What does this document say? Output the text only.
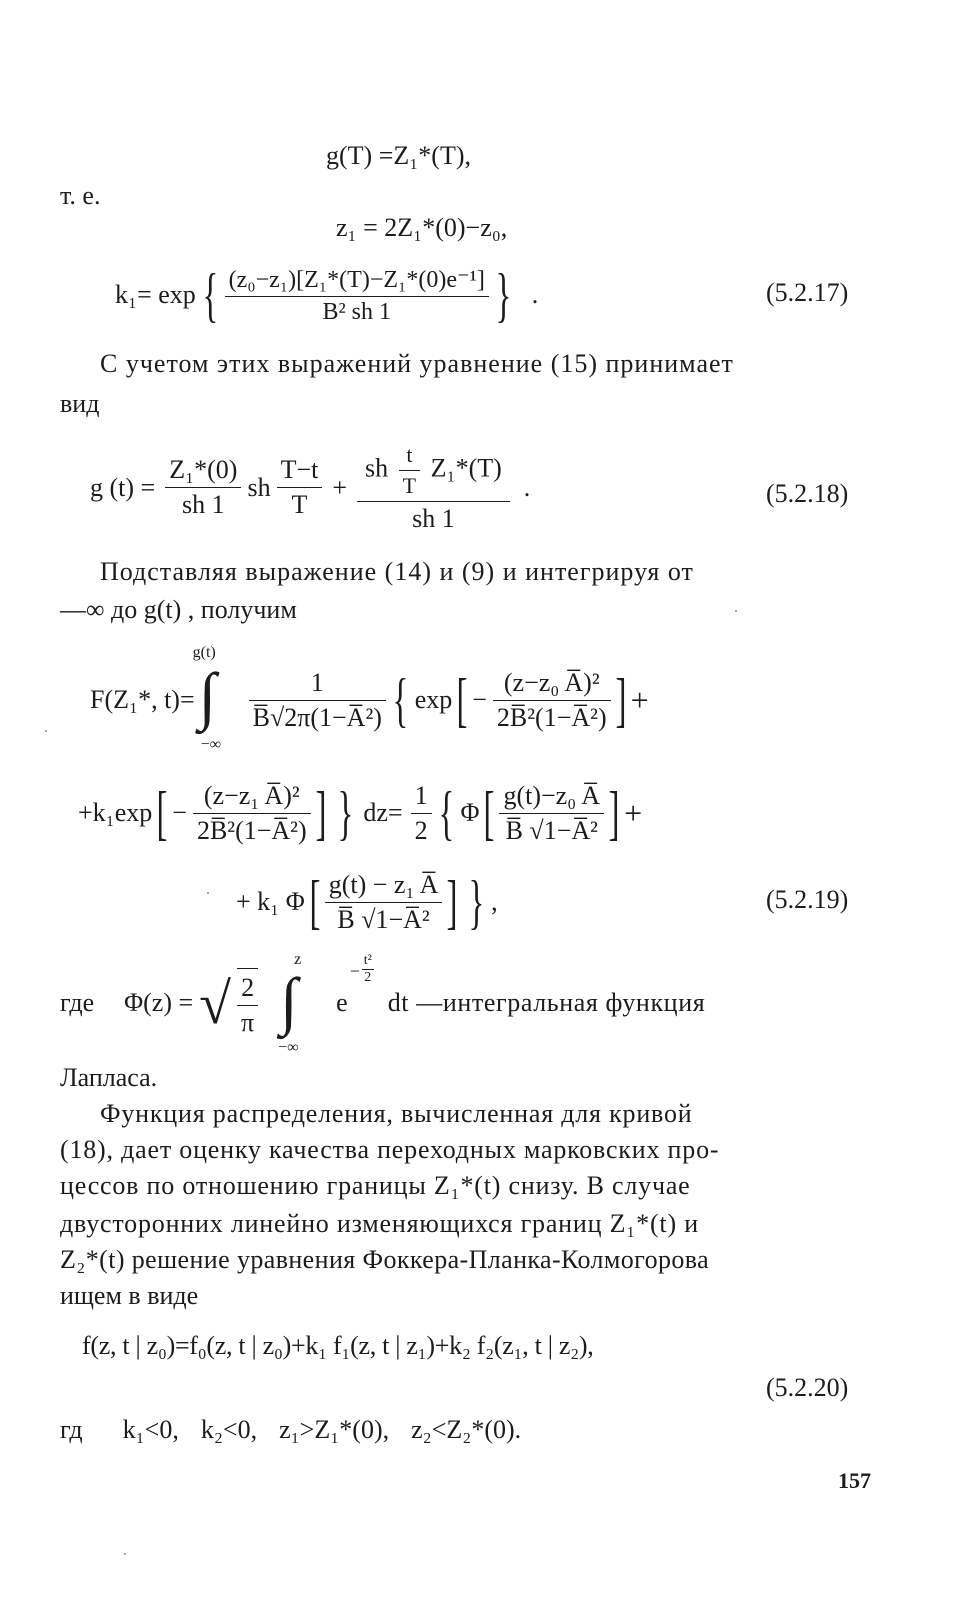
g(T) =Z₁*(T),
т. е.
z₁ = 2Z₁*(0)−z₀,
k₁= exp { $\frac{\text{(z₀−z₁)[Z₁*(T)−Z₁*(0)e⁻¹]}}{\text{B² sh 1}}$ } .	(5.2.17)
С учетом этих выражений уравнение (15) принимает
вид
g $(t) = \frac{\text{Z₁*(0)}}{sh 1}$ sh $\frac{T-t}{T} + \frac{sh \frac{t}{T} Z_1*(T)}{sh 1}$ .	(5.2.18)
Подставляя выражение (14) и (9) и интегрируя от
—∞ до g(t) , получим
F(Z₁*, t)=
g(t)
∫
−∞
$\frac{1}{\text{B̅√2π(1−A̅²)}}$ { exp [ − $\frac{\text{(z−z₀ A̅)²}}{\text{2B̅²(1−A̅²)}}$ ] +
+k₁exp [ − $\frac{\text{(z−z₁ A̅)²}}{\text{2B̅²(1−A̅²)}}$ ] } $dz= \frac{1}{2}$ { Φ [ $\frac{\text{g(t)−z₀ A̅}}{\text{B̅ √1−A̅²}}$ ] +
+ k₁ Φ [ $\frac{\text{g(t) − z₁ A̅}}{\text{B̅ √1−A̅²}}$ ] } ,	(5.2.19)
где Φ(z) = √ $\frac{2}{\pi}$
z
∫
−∞
e
− $\frac{\text{t²}}{2}$
dt —интегральная функция
Лапласа.
Функция распределения, вычисленная для кривой
(18), дает оценку качества переходных марковских про-
цессов по отношению границы Z₁*(t) снизу. В случае
двусторонних линейно изменяющихся границ Z₁*(t) и
Z₂*(t) решение уравнения Фоккера-Планка-Колмогорова
ищем в виде
f(z, t | z₀)=f₀(z, t | z₀)+k₁ f₁(z, t | z₁)+k₂ f₂(z₁, t | z₂),
(5.2.20)
гд k₁<0, k₂<0, z₁>Z₁*(0), z₂<Z₂*(0).
157
